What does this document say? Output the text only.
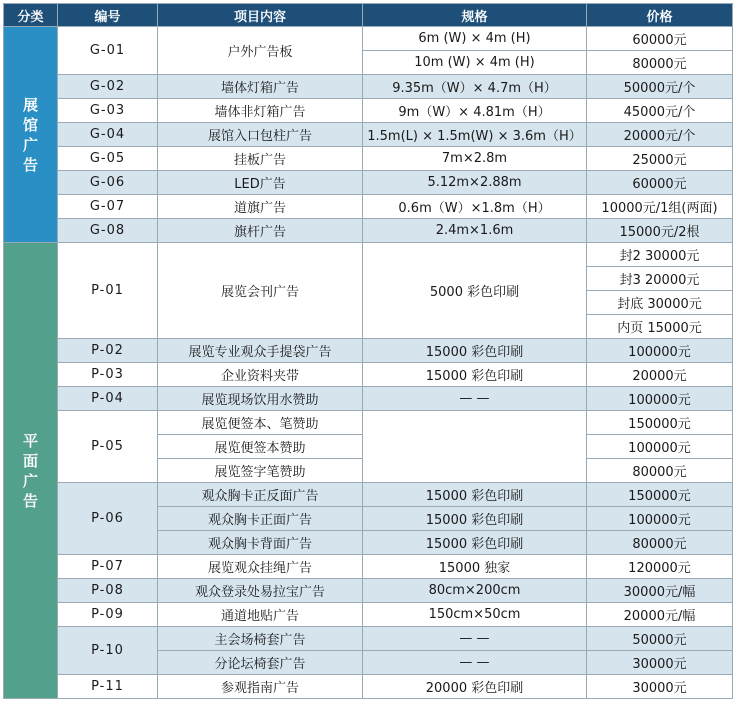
分类	编号	项目内容	规格	价格

展馆广告	G-01	户外广告板	6m (W) × 4m (H)	60000元
			10m (W) × 4m (H)	80000元
	G-02	墙体灯箱广告	9.35m（W）× 4.7m（H）	50000元/个
	G-03	墙体非灯箱广告	9m（W）× 4.81m（H）	45000元/个
	G-04	展馆入口包柱广告	1.5m(L) × 1.5m(W) × 3.6m（H）	20000元/个
	G-05	挂板广告	7m×2.8m	25000元
	G-06	LED广告	5.12m×2.88m	60000元
	G-07	道旗广告	0.6m（W）×1.8m（H）	10000元/1组(两面)
	G-08	旗杆广告	2.4m×1.6m	15000元/2根

平面广告	P-01	展览会刊广告	5000 彩色印刷	封2 30000元
				封3 20000元
				封底 30000元
				内页 15000元
	P-02	展览专业观众手提袋广告	15000 彩色印刷	100000元
	P-03	企业资料夹带	15000 彩色印刷	20000元
	P-04	展览现场饮用水赞助	— —	100000元
	P-05	展览便签本、笔赞助		150000元
		展览便签本赞助		100000元
		展览签字笔赞助		80000元
	P-06	观众胸卡正反面广告	15000 彩色印刷	150000元
		观众胸卡正面广告	15000 彩色印刷	100000元
		观众胸卡背面广告	15000 彩色印刷	80000元
	P-07	展览观众挂绳广告	15000 独家	120000元
	P-08	观众登录处易拉宝广告	80cm×200cm	30000元/幅
	P-09	通道地贴广告	150cm×50cm	20000元/幅
	P-10	主会场椅套广告	— —	50000元
		分论坛椅套广告	— —	30000元
	P-11	参观指南广告	20000 彩色印刷	30000元
